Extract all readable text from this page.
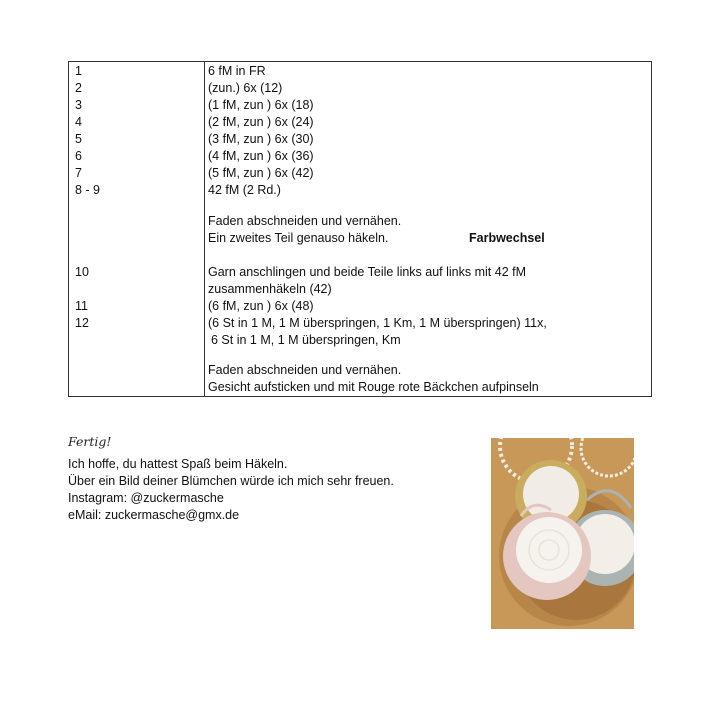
1	6 fM in FR
2	(zun.) 6x (12)
3	(1 fM, zun ) 6x (18)
4	(2 fM, zun ) 6x (24)
5	(3 fM, zun ) 6x (30)
6	(4 fM, zun ) 6x (36)
7	(5 fM, zun ) 6x (42)
8 - 9	42 fM (2 Rd.)
Faden abschneiden und vernähen.
Ein zweites Teil genauso häkeln.	Farbwechsel
10	Garn anschlingen und beide Teile links auf links mit 42 fM
zusammenhäkeln (42)
11	(6 fM, zun ) 6x (48)
12	(6 St in 1 M, 1 M überspringen, 1 Km, 1 M überspringen) 11x,
6 St in 1 M, 1 M überspringen, Km
Faden abschneiden und vernähen.
Gesicht aufsticken und mit Rouge rote Bäckchen aufpinseln
Fertig!
Ich hoffe, du hattest Spaß beim Häkeln.
Über ein Bild deiner Blümchen würde ich mich sehr freuen.
Instagram: @zuckermasche
eMail: zuckermasche@gmx.de
